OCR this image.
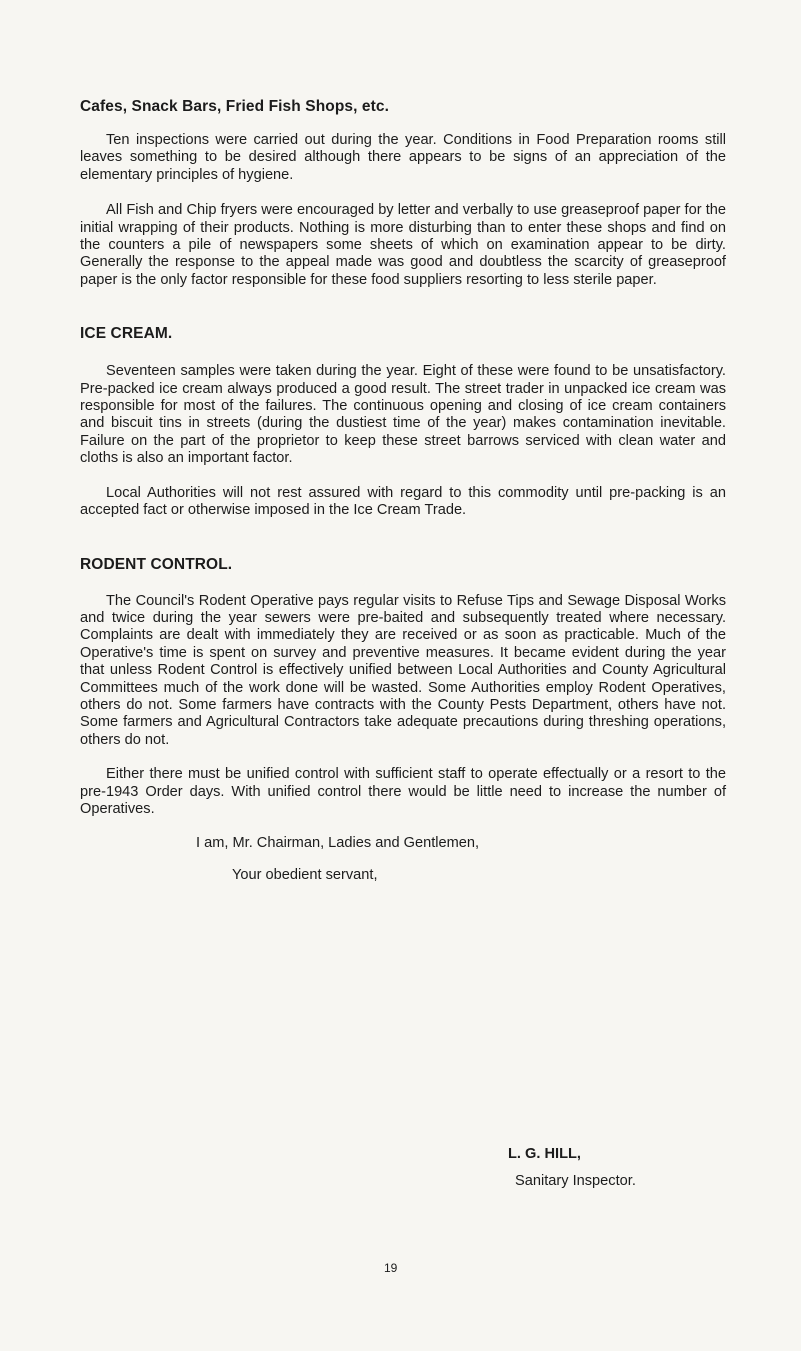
Cafes, Snack Bars, Fried Fish Shops, etc.

Ten inspections were carried out during the year. Conditions in Food Preparation rooms still leaves something to be desired although there appears to be signs of an appreciation of the elementary principles of hygiene.

All Fish and Chip fryers were encouraged by letter and verbally to use greaseproof paper for the initial wrapping of their products. Nothing is more disturbing than to enter these shops and find on the counters a pile of newspapers some sheets of which on examination appear to be dirty. Generally the response to the appeal made was good and doubtless the scarcity of greaseproof paper is the only factor responsible for these food suppliers resorting to less sterile paper.

ICE CREAM.

Seventeen samples were taken during the year. Eight of these were found to be unsatisfactory. Pre-packed ice cream always produced a good result. The street trader in unpacked ice cream was responsible for most of the failures. The continuous opening and closing of ice cream containers and biscuit tins in streets (during the dustiest time of the year) makes contamination inevitable. Failure on the part of the proprietor to keep these street barrows serviced with clean water and cloths is also an important factor.

Local Authorities will not rest assured with regard to this commodity until pre-packing is an accepted fact or otherwise imposed in the Ice Cream Trade.

RODENT CONTROL.

The Council's Rodent Operative pays regular visits to Refuse Tips and Sewage Disposal Works and twice during the year sewers were pre-baited and subsequently treated where necessary. Complaints are dealt with immediately they are received or as soon as practicable. Much of the Operative's time is spent on survey and preventive measures. It became evident during the year that unless Rodent Control is effectively unified between Local Authorities and County Agricultural Committees much of the work done will be wasted. Some Authorities employ Rodent Operatives, others do not. Some farmers have contracts with the County Pests Department, others have not. Some farmers and Agricultural Contractors take adequate precautions during threshing operations, others do not.

Either there must be unified control with sufficient staff to operate effectually or a resort to the pre-1943 Order days. With unified control there would be little need to increase the number of Operatives.

I am, Mr. Chairman, Ladies and Gentlemen,
Your obedient servant,
L. G. HILL,
Sanitary Inspector.
19
